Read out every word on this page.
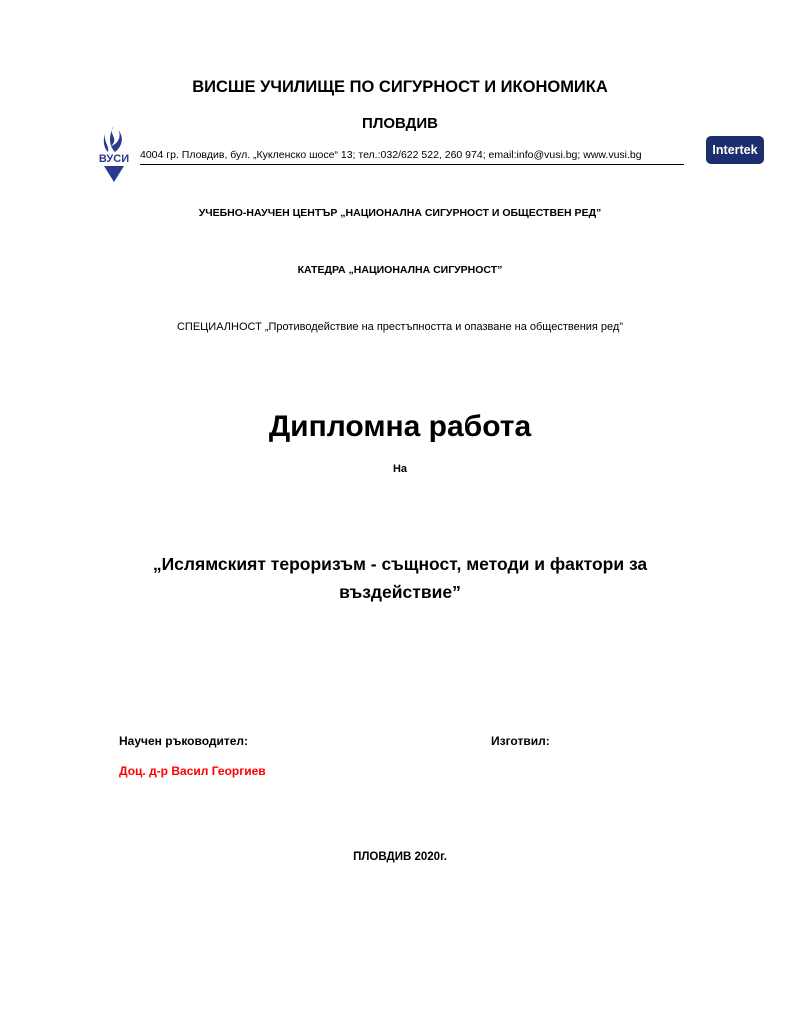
ВИСШЕ УЧИЛИЩЕ ПО СИГУРНОСТ И ИКОНОМИКА
ПЛОВДИВ
ВУСИ 4004 гр. Пловдив, бул. „Кукленско шосе“ 13; тел.:032/622 522, 260 974; email:info@vusi.bg; www.vusi.bg	Intertek
УЧЕБНО-НАУЧЕН ЦЕНТЪР „НАЦИОНАЛНА СИГУРНОСТ И ОБЩЕСТВЕН РЕД”
КАТЕДРА „НАЦИОНАЛНА СИГУРНОСТ”
СПЕЦИАЛНОСТ „Противодействие на престъпността и опазване на обществения ред”
Дипломна работа
На
„Ислямският тероризъм - същност, методи и фактори за
въздействие”
Научен ръководител:	Изготвил:
Доц. д-р Васил Георгиев
ПЛОВДИВ 2020г.
